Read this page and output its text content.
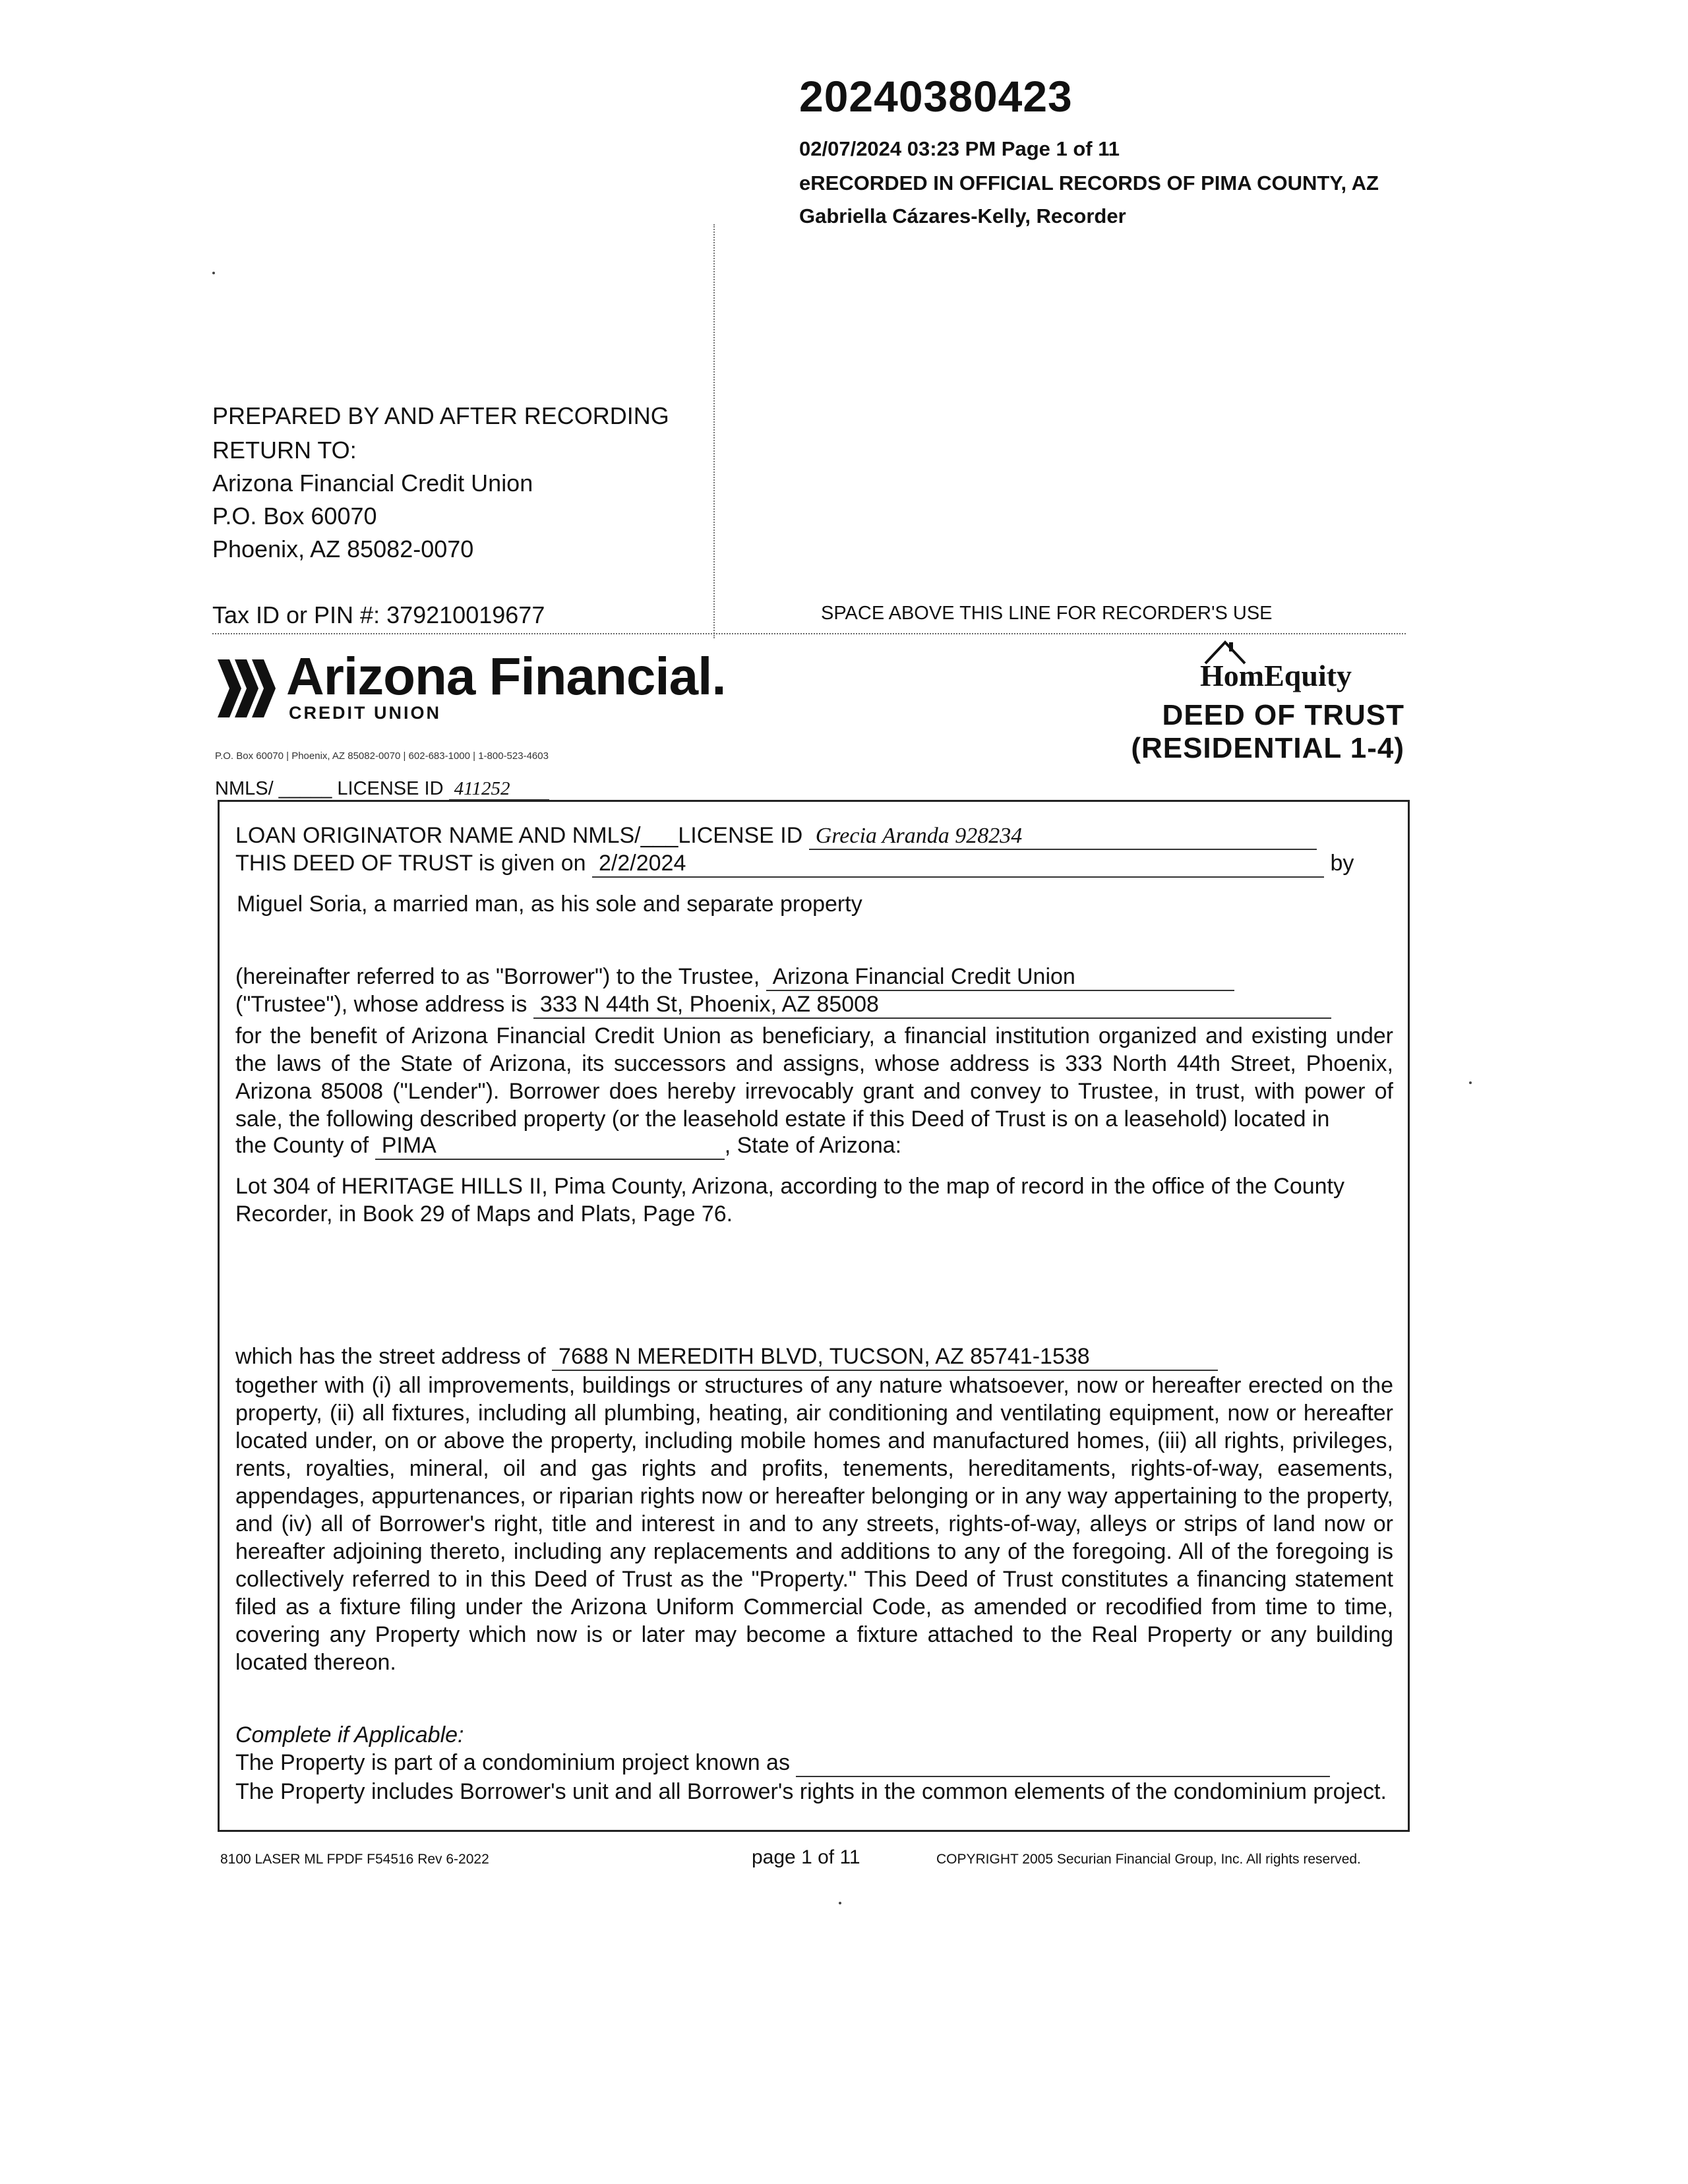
20240380423
02/07/2024 03:23 PM Page 1 of 11
eRECORDED IN OFFICIAL RECORDS OF PIMA COUNTY, AZ
Gabriella Cázares-Kelly, Recorder
PREPARED BY AND AFTER RECORDING
RETURN TO:
Arizona Financial Credit Union
P.O. Box 60070
Phoenix, AZ 85082-0070
Tax ID or PIN #: 379210019677	SPACE ABOVE THIS LINE FOR RECORDER'S USE
Arizona Financial.
CREDIT UNION
P.O. Box 60070 | Phoenix, AZ 85082-0070 | 602-683-1000 | 1-800-523-4603
NMLS/ _____ LICENSE ID 411252
HomEquity
DEED OF TRUST
(RESIDENTIAL 1-4)
LOAN ORIGINATOR NAME AND NMLS/___LICENSE ID Grecia Aranda 928234
THIS DEED OF TRUST is given on 2/2/2024	by
Miguel Soria, a married man, as his sole and separate property
(hereinafter referred to as "Borrower") to the Trustee, Arizona Financial Credit Union
("Trustee"), whose address is 333 N 44th St, Phoenix, AZ 85008
for the benefit of Arizona Financial Credit Union as beneficiary, a financial institution organized and existing under the laws of the State of Arizona, its successors and assigns, whose address is 333 North 44th Street, Phoenix, Arizona 85008 ("Lender"). Borrower does hereby irrevocably grant and convey to Trustee, in trust, with power of sale, the following described property (or the leasehold estate if this Deed of Trust is on a leasehold) located in
the County of PIMA	, State of Arizona:
Lot 304 of HERITAGE HILLS II, Pima County, Arizona, according to the map of record in the office of the County Recorder, in Book 29 of Maps and Plats, Page 76.
which has the street address of 7688 N MEREDITH BLVD, TUCSON, AZ 85741-1538
together with (i) all improvements, buildings or structures of any nature whatsoever, now or hereafter erected on the property, (ii) all fixtures, including all plumbing, heating, air conditioning and ventilating equipment, now or hereafter located under, on or above the property, including mobile homes and manufactured homes, (iii) all rights, privileges, rents, royalties, mineral, oil and gas rights and profits, tenements, hereditaments, rights-of-way, easements, appendages, appurtenances, or riparian rights now or hereafter belonging or in any way appertaining to the property, and (iv) all of Borrower's right, title and interest in and to any streets, rights-of-way, alleys or strips of land now or hereafter adjoining thereto, including any replacements and additions to any of the foregoing. All of the foregoing is collectively referred to in this Deed of Trust as the "Property." This Deed of Trust constitutes a financing statement filed as a fixture filing under the Arizona Uniform Commercial Code, as amended or recodified from time to time, covering any Property which now is or later may become a fixture attached to the Real Property or any building located thereon.
Complete if Applicable:
The Property is part of a condominium project known as
The Property includes Borrower's unit and all Borrower's rights in the common elements of the condominium project.
8100 LASER ML FPDF F54516 Rev 6-2022	page 1 of 11	COPYRIGHT 2005 Securian Financial Group, Inc. All rights reserved.
